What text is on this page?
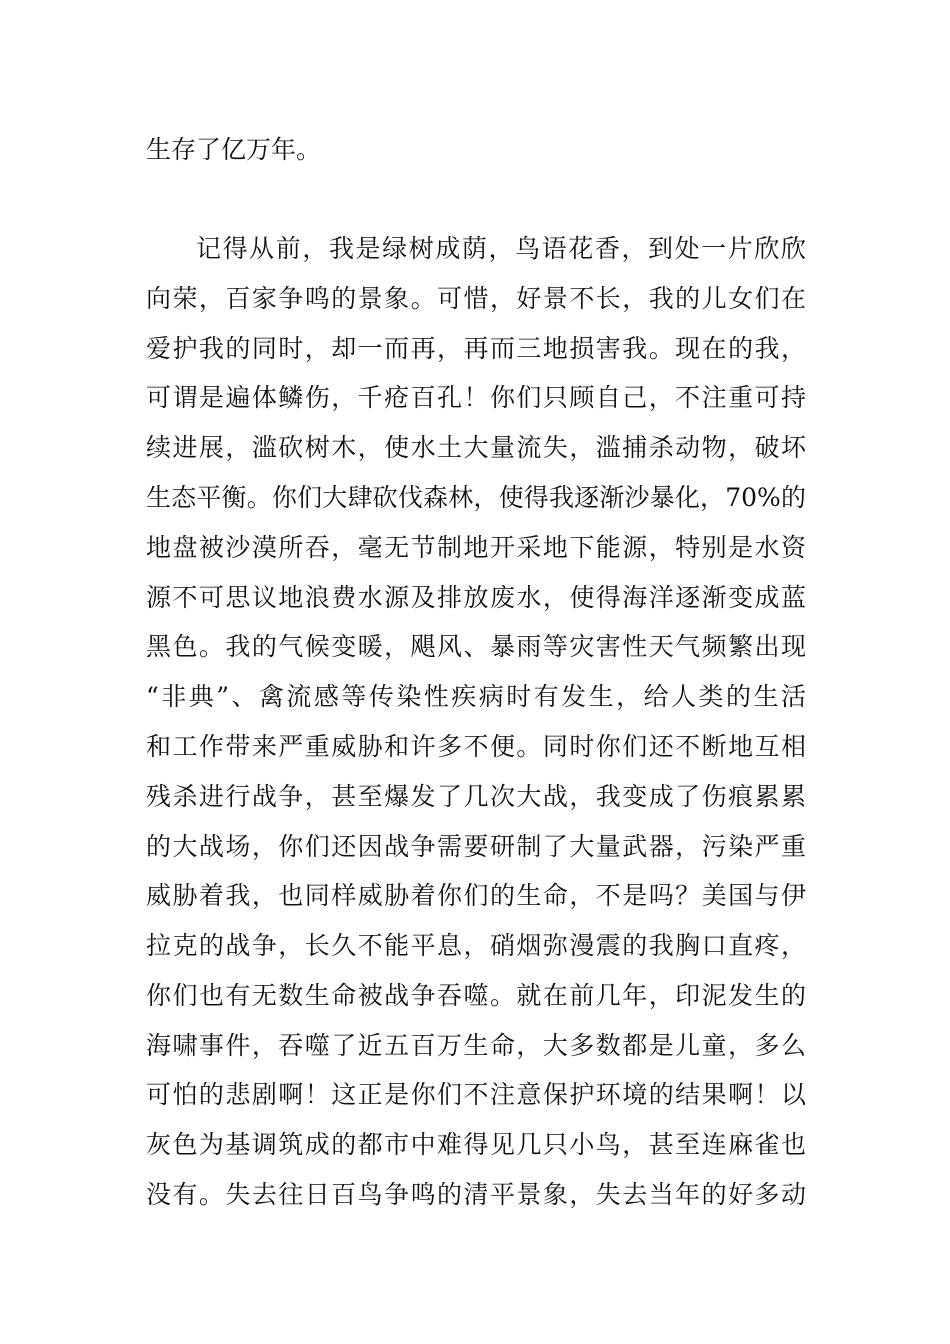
生存了亿万年。
记得从前，我是绿树成荫，鸟语花香，到处一片欣欣
向荣，百家争鸣的景象。可惜，好景不长，我的儿女们在
爱护我的同时，却一而再，再而三地损害我。现在的我，
可谓是遍体鳞伤，千疮百孔！你们只顾自己，不注重可持
续进展，滥砍树木，使水土大量流失，滥捕杀动物，破坏
生态平衡。你们大肆砍伐森林，使得我逐渐沙暴化，70%的
地盘被沙漠所吞，毫无节制地开采地下能源，特别是水资
源不可思议地浪费水源及排放废水，使得海洋逐渐变成蓝
黑色。我的气候变暖，飓风、暴雨等灾害性天气频繁出现
“非典”、禽流感等传染性疾病时有发生，给人类的生活
和工作带来严重威胁和许多不便。同时你们还不断地互相
残杀进行战争，甚至爆发了几次大战，我变成了伤痕累累
的大战场，你们还因战争需要研制了大量武器，污染严重
威胁着我，也同样威胁着你们的生命，不是吗？美国与伊
拉克的战争，长久不能平息，硝烟弥漫震的我胸口直疼，
你们也有无数生命被战争吞噬。就在前几年，印泥发生的
海啸事件，吞噬了近五百万生命，大多数都是儿童，多么
可怕的悲剧啊！这正是你们不注意保护环境的结果啊！以
灰色为基调筑成的都市中难得见几只小鸟，甚至连麻雀也
没有。失去往日百鸟争鸣的清平景象，失去当年的好多动
